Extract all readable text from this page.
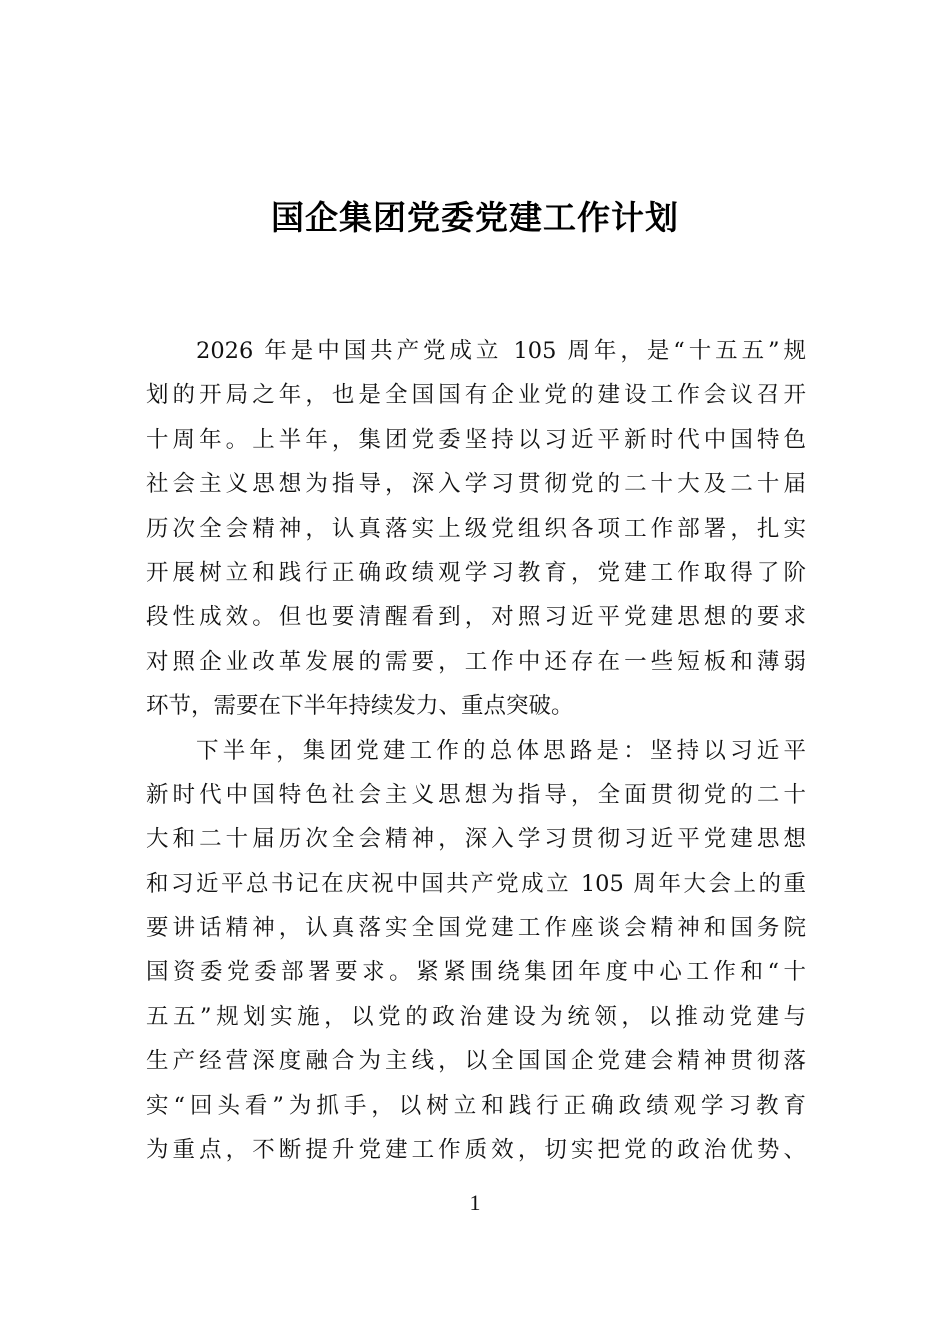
国企集团党委党建工作计划
2026 年是中国共产党成立 105 周年，是“十五五”规
划的开局之年，也是全国国有企业党的建设工作会议召开
十周年。上半年，集团党委坚持以习近平新时代中国特色
社会主义思想为指导，深入学习贯彻党的二十大及二十届
历次全会精神，认真落实上级党组织各项工作部署，扎实
开展树立和践行正确政绩观学习教育，党建工作取得了阶
段性成效。但也要清醒看到，对照习近平党建思想的要求
对照企业改革发展的需要，工作中还存在一些短板和薄弱
环节，需要在下半年持续发力、重点突破。
下半年，集团党建工作的总体思路是：坚持以习近平
新时代中国特色社会主义思想为指导，全面贯彻党的二十
大和二十届历次全会精神，深入学习贯彻习近平党建思想
和习近平总书记在庆祝中国共产党成立 105 周年大会上的重
要讲话精神，认真落实全国党建工作座谈会精神和国务院
国资委党委部署要求。紧紧围绕集团年度中心工作和“十
五五”规划实施，以党的政治建设为统领，以推动党建与
生产经营深度融合为主线，以全国国企党建会精神贯彻落
实“回头看”为抓手，以树立和践行正确政绩观学习教育
为重点，不断提升党建工作质效，切实把党的政治优势、
1
